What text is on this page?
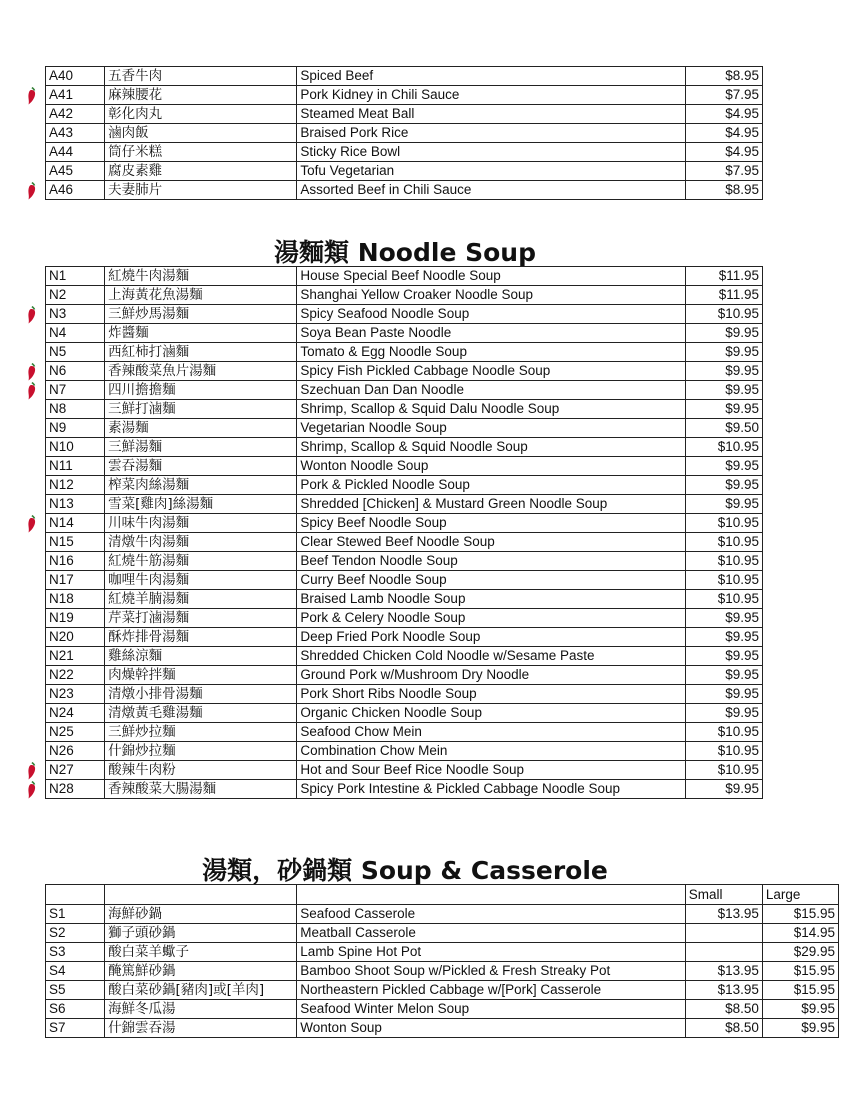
A40	五香牛肉	Spiced Beef	$8.95
A41	麻辣腰花	Pork Kidney in Chili Sauce	$7.95
A42	彰化肉丸	Steamed Meat Ball	$4.95
A43	滷肉飯	Braised Pork Rice	$4.95
A44	筒仔米糕	Sticky Rice Bowl	$4.95
A45	腐皮素雞	Tofu Vegetarian	$7.95
A46	夫妻肺片	Assorted Beef in Chili Sauce	$8.95
湯麵類 Noodle Soup
N1	紅燒牛肉湯麵	House Special Beef Noodle Soup	$11.95
N2	上海黃花魚湯麵	Shanghai Yellow Croaker Noodle Soup	$11.95
N3	三鮮炒馬湯麵	Spicy Seafood Noodle Soup	$10.95
N4	炸醬麵	Soya Bean Paste Noodle	$9.95
N5	西紅柿打滷麵	Tomato & Egg Noodle Soup	$9.95
N6	香辣酸菜魚片湯麵	Spicy Fish Pickled Cabbage Noodle Soup	$9.95
N7	四川擔擔麵	Szechuan Dan Dan Noodle	$9.95
N8	三鮮打滷麵	Shrimp, Scallop & Squid Dalu Noodle Soup	$9.95
N9	素湯麵	Vegetarian Noodle Soup	$9.50
N10	三鮮湯麵	Shrimp, Scallop & Squid Noodle Soup	$10.95
N11	雲吞湯麵	Wonton Noodle Soup	$9.95
N12	榨菜肉絲湯麵	Pork & Pickled Noodle Soup	$9.95
N13	雪菜[雞肉]絲湯麵	Shredded [Chicken] & Mustard Green Noodle Soup	$9.95
N14	川味牛肉湯麵	Spicy Beef Noodle Soup	$10.95
N15	清燉牛肉湯麵	Clear Stewed Beef Noodle Soup	$10.95
N16	紅燒牛筋湯麵	Beef Tendon Noodle Soup	$10.95
N17	咖哩牛肉湯麵	Curry Beef Noodle Soup	$10.95
N18	紅燒羊腩湯麵	Braised Lamb Noodle Soup	$10.95
N19	芹菜打滷湯麵	Pork & Celery Noodle Soup	$9.95
N20	酥炸排骨湯麵	Deep Fried Pork Noodle Soup	$9.95
N21	雞絲涼麵	Shredded Chicken Cold Noodle w/Sesame Paste	$9.95
N22	肉燥幹拌麵	Ground Pork w/Mushroom Dry Noodle	$9.95
N23	清燉小排骨湯麵	Pork Short Ribs Noodle Soup	$9.95
N24	清燉黃毛雞湯麵	Organic Chicken Noodle Soup	$9.95
N25	三鮮炒拉麵	Seafood Chow Mein	$10.95
N26	什錦炒拉麵	Combination Chow Mein	$10.95
N27	酸辣牛肉粉	Hot and Sour Beef Rice Noodle Soup	$10.95
N28	香辣酸菜大腸湯麵	Spicy Pork Intestine & Pickled Cabbage Noodle Soup	$9.95
湯類，砂鍋類 Soup & Casserole
			Small	Large
S1	海鮮砂鍋	Seafood Casserole	$13.95	$15.95
S2	獅子頭砂鍋	Meatball Casserole		$14.95
S3	酸白菜羊蠍子	Lamb Spine Hot Pot		$29.95
S4	醃篤鮮砂鍋	Bamboo Shoot Soup w/Pickled & Fresh Streaky Pot	$13.95	$15.95
S5	酸白菜砂鍋[豬肉]或[羊肉]	Northeastern Pickled Cabbage w/[Pork] Casserole	$13.95	$15.95
S6	海鮮冬瓜湯	Seafood Winter Melon Soup	$8.50	$9.95
S7	什錦雲吞湯	Wonton Soup	$8.50	$9.95
